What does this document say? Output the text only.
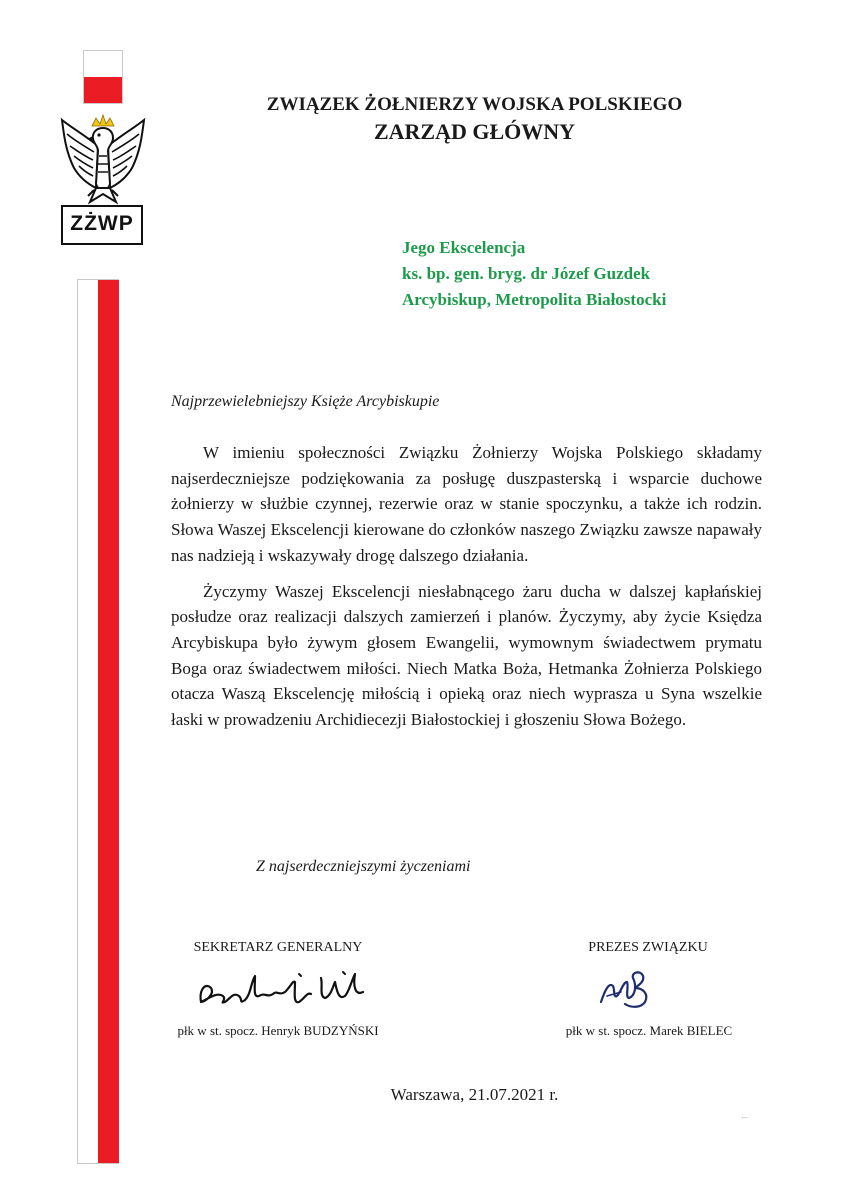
ZŻWP
ZWIĄZEK ŻOŁNIERZY WOJSKA POLSKIEGO
ZARZĄD GŁÓWNY
Jego Ekscelencja
ks. bp. gen. bryg. dr Józef Guzdek
Arcybiskup, Metropolita Białostocki
Najprzewielebniejszy Księże Arcybiskupie

W imieniu społeczności Związku Żołnierzy Wojska Polskiego składamy najserdeczniejsze podziękowania za posługę duszpasterską i wsparcie duchowe żołnierzy w służbie czynnej, rezerwie oraz w stanie spoczynku, a także ich rodzin. Słowa Waszej Ekscelencji kierowane do członków naszego Związku zawsze napawały nas nadzieją i wskazywały drogę dalszego działania.

Życzymy Waszej Ekscelencji niesłabnącego żaru ducha w dalszej kapłańskiej posłudze oraz realizacji dalszych zamierzeń i planów. Życzymy, aby życie Księdza Arcybiskupa było żywym głosem Ewangelii, wymownym świadectwem prymatu Boga oraz świadectwem miłości. Niech Matka Boża, Hetmanka Żołnierza Polskiego otacza Waszą Ekscelencję miłością i opieką oraz niech wyprasza u Syna wszelkie łaski w prowadzeniu Archidiecezji Białostockiej i głoszeniu Słowa Bożego.

Z najserdeczniejszymi życzeniami
SEKRETARZ GENERALNY	PREZES ZWIĄZKU
płk w st. spocz. Henryk BUDZYŃSKI	płk w st. spocz. Marek BIELEC
Warszawa, 21.07.2021 r.
⌐⌐
